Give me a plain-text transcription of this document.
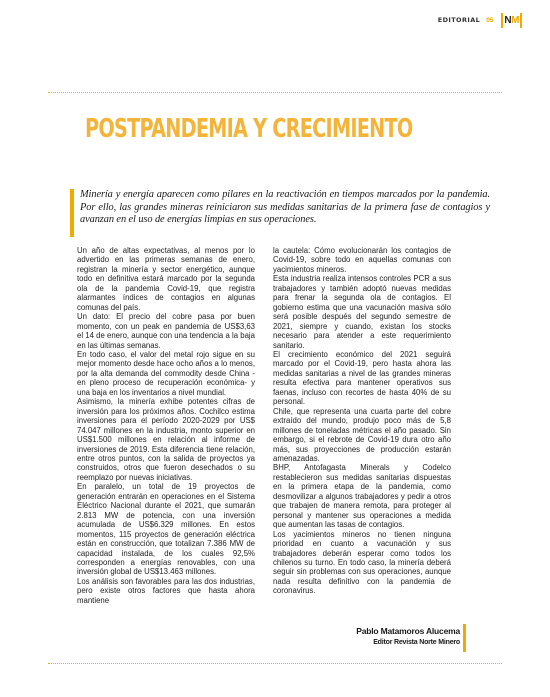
EDITORIAL 05 N M
POSTPANDEMIA Y CRECIMIENTO

Minería y energía aparecen como pilares en la reactivación en tiempos marcados por la pandemia. Por ello, las grandes mineras reiniciaron sus medidas sanitarias de la primera fase de contagios y avanzan en el uso de energías limpias en sus operaciones.

Un año de altas expectativas, al menos por lo advertido en las primeras semanas de enero, registran la minería y sector energético, aunque todo en definitiva estará marcado por la segunda ola de la pandemia Covid-19, que registra alarmantes índices de contagios en algunas comunas del país.

Un dato: El precio del cobre pasa por buen momento, con un peak en pandemia de US$3,63 el 14 de enero, aunque con una tendencia a la baja en las últimas semanas.

En todo caso, el valor del metal rojo sigue en su mejor momento desde hace ocho años a lo menos, por la alta demanda del commodity desde China -en pleno proceso de recuperación económica- y una baja en los inventarios a nivel mundial.

Asimismo, la minería exhibe potentes cifras de inversión para los próximos años. Cochilco estima inversiones para el período 2020-2029 por US$ 74.047 millones en la industria, monto superior en US$1.500 millones en relación al informe de inversiones de 2019. Esta diferencia tiene relación, entre otros puntos, con la salida de proyectos ya construidos, otros que fueron desechados o su reemplazo por nuevas iniciativas.

En paralelo, un total de 19 proyectos de generación entrarán en operaciones en el Sistema Eléctrico Nacional durante el 2021, que sumarán 2.813 MW de potencia, con una inversión acumulada de US$6.329 millones. En estos momentos, 115 proyectos de generación eléctrica están en construcción, que totalizan 7.386 MW de capacidad instalada, de los cuales 92,5% corresponden a energías renovables, con una inversión global de US$13.463 millones.

Los análisis son favorables para las dos industrias, pero existe otros factores que hasta ahora mantiene

la cautela: Cómo evolucionarán los contagios de Covid-19, sobre todo en aquellas comunas con yacimientos mineros.

Esta industria realiza intensos controles PCR a sus trabajadores y también adoptó nuevas medidas para frenar la segunda ola de contagios. El gobierno estima que una vacunación masiva sólo será posible después del segundo semestre de 2021, siempre y cuando, existan los stocks necesario para atender a este requerimiento sanitario.

El crecimiento económico del 2021 seguirá marcado por el Covid-19, pero hasta ahora las medidas sanitarias a nivel de las grandes mineras resulta efectiva para mantener operativos sus faenas, incluso con recortes de hasta 40% de su personal.

Chile, que representa una cuarta parte del cobre extraído del mundo, produjo poco más de 5,8 millones de toneladas métricas el año pasado. Sin embargo, si el rebrote de Covid-19 dura otro año más, sus proyecciones de producción estarán amenazadas.

BHP, Antofagasta Minerals y Codelco restablecieron sus medidas sanitarias dispuestas en la primera etapa de la pandemia, como desmovilizar a algunos trabajadores y pedir a otros que trabajen de manera remota, para proteger al personal y mantener sus operaciones a medida que aumentan las tasas de contagios.

Los yacimientos mineros no tienen ninguna prioridad en cuanto a vacunación y sus trabajadores deberán esperar como todos los chilenos su turno. En todo caso, la minería deberá seguir sin problemas con sus operaciones, aunque nada resulta definitivo con la pandemia de coronavirus.

Pablo Matamoros Alucema
Editor Revista Norte Minero
